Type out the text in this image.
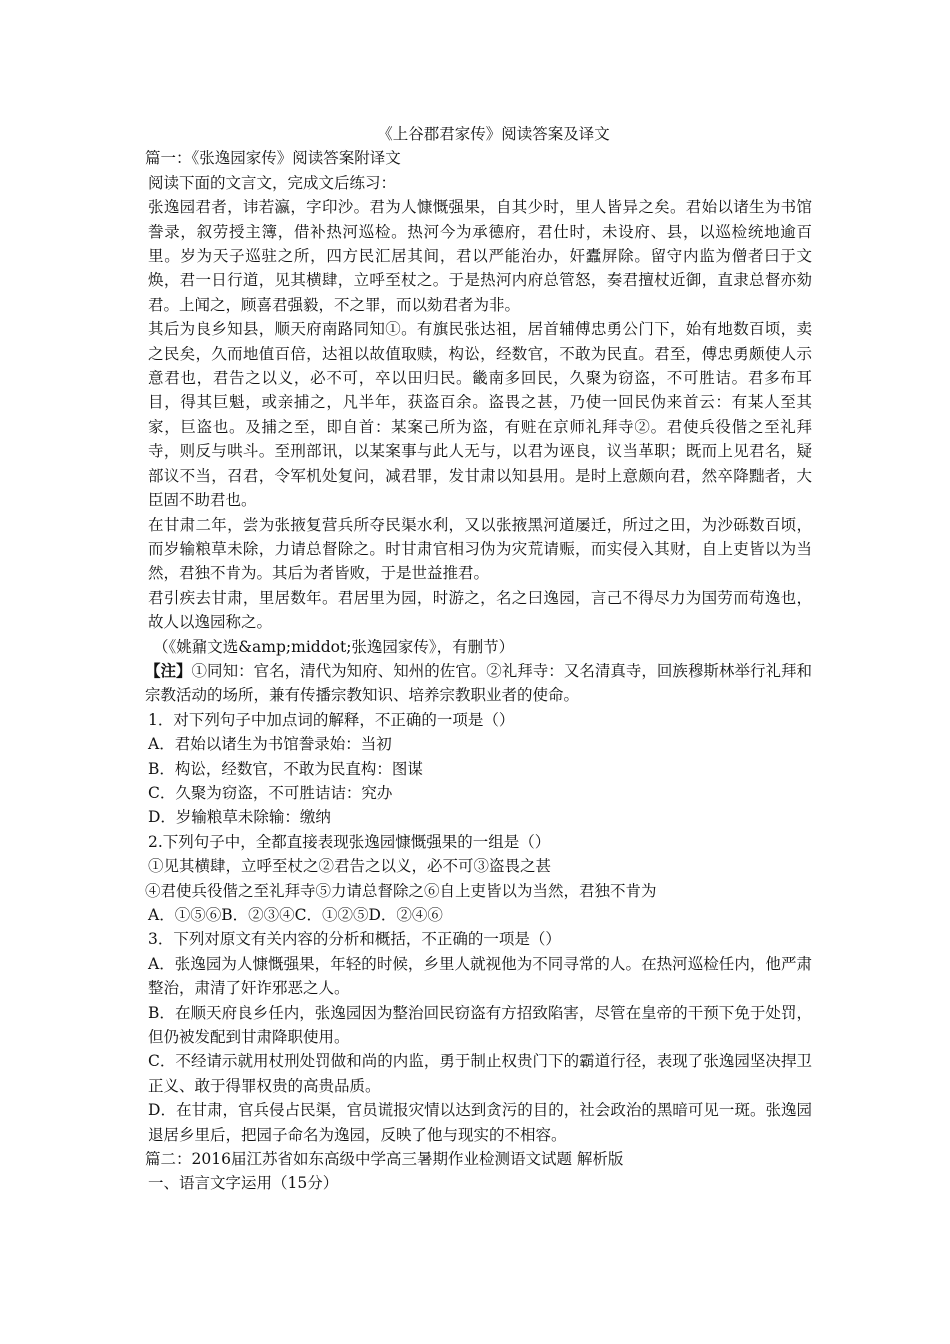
《上谷郡君家传》阅读答案及译文

篇一：《张逸园家传》阅读答案附译文

阅读下面的文言文，完成文后练习：

张逸园君者，讳若瀛，字印沙。君为人慷慨强果，自其少时，里人皆异之矣。君始以诸生为书馆誊录，叙劳授主簿，借补热河巡检。热河今为承德府，君仕时，未设府、县，以巡检统地逾百里。岁为天子巡驻之所，四方民汇居其间，君以严能治办，奸蠹屏除。留守内监为僧者曰于文焕，君一日行道，见其横肆，立呼至杖之。于是热河内府总管怒，奏君擅杖近御，直隶总督亦劾君。上闻之，顾喜君强毅，不之罪，而以劾君者为非。

其后为良乡知县，顺天府南路同知①。有旗民张达祖，居首辅傅忠勇公门下，始有地数百顷，卖之民矣，久而地值百倍，达祖以故值取赎，构讼，经数官，不敢为民直。君至，傅忠勇颇使人示意君也，君告之以义，必不可，卒以田归民。畿南多回民，久聚为窃盗，不可胜诘。君多布耳目，得其巨魁，或亲捕之，凡半年，获盗百余。盗畏之甚，乃使一回民伪来首云：有某人至其家，巨盗也。及捕之至，即自首：某案己所为盗，有赃在京师礼拜寺②。君使兵役偕之至礼拜寺，则反与哄斗。至刑部讯，以某案事与此人无与，以君为诬良，议当革职；既而上见君名，疑部议不当，召君，令军机处复问，减君罪，发甘肃以知县用。是时上意颇向君，然卒降黜者，大臣固不助君也。

在甘肃二年，尝为张掖复营兵所夺民渠水利，又以张掖黑河道屡迁，所过之田，为沙砾数百顷，而岁输粮草未除，力请总督除之。时甘肃官相习伪为灾荒请赈，而实侵入其财，自上吏皆以为当然，君独不肯为。其后为者皆败，于是世益推君。

君引疾去甘肃，里居数年。君居里为园，时游之，名之曰逸园，言己不得尽力为国劳而苟逸也，故人以逸园称之。

（《姚鼐文选&amp;middot;张逸园家传》，有删节）

【注】①同知：官名，清代为知府、知州的佐官。②礼拜寺：又名清真寺，回族穆斯林举行礼拜和宗教活动的场所，兼有传播宗教知识、培养宗教职业者的使命。

1．对下列句子中加点词的解释，不正确的一项是（）

A．君始以诸生为书馆誊录始：当初

B．构讼，经数官，不敢为民直构：图谋

C．久聚为窃盗，不可胜诘诘：究办

D．岁输粮草未除输：缴纳

2.下列句子中，全都直接表现张逸园慷慨强果的一组是（）

①见其横肆，立呼至杖之②君告之以义，必不可③盗畏之甚

④君使兵役偕之至礼拜寺⑤力请总督除之⑥自上吏皆以为当然，君独不肯为

A．①⑤⑥B．②③④C．①②⑤D．②④⑥

3．下列对原文有关内容的分析和概括，不正确的一项是（）

A．张逸园为人慷慨强果，年轻的时候，乡里人就视他为不同寻常的人。在热河巡检任内，他严肃整治，肃清了奸诈邪恶之人。

B．在顺天府良乡任内，张逸园因为整治回民窃盗有方招致陷害，尽管在皇帝的干预下免于处罚，但仍被发配到甘肃降职使用。

C．不经请示就用杖刑处罚做和尚的内监，勇于制止权贵门下的霸道行径，表现了张逸园坚决捍卫正义、敢于得罪权贵的高贵品质。

D．在甘肃，官兵侵占民渠，官员谎报灾情以达到贪污的目的，社会政治的黑暗可见一斑。张逸园退居乡里后，把园子命名为逸园，反映了他与现实的不相容。

篇二：2016届江苏省如东高级中学高三暑期作业检测语文试题 解析版

一、语言文字运用（15分）
